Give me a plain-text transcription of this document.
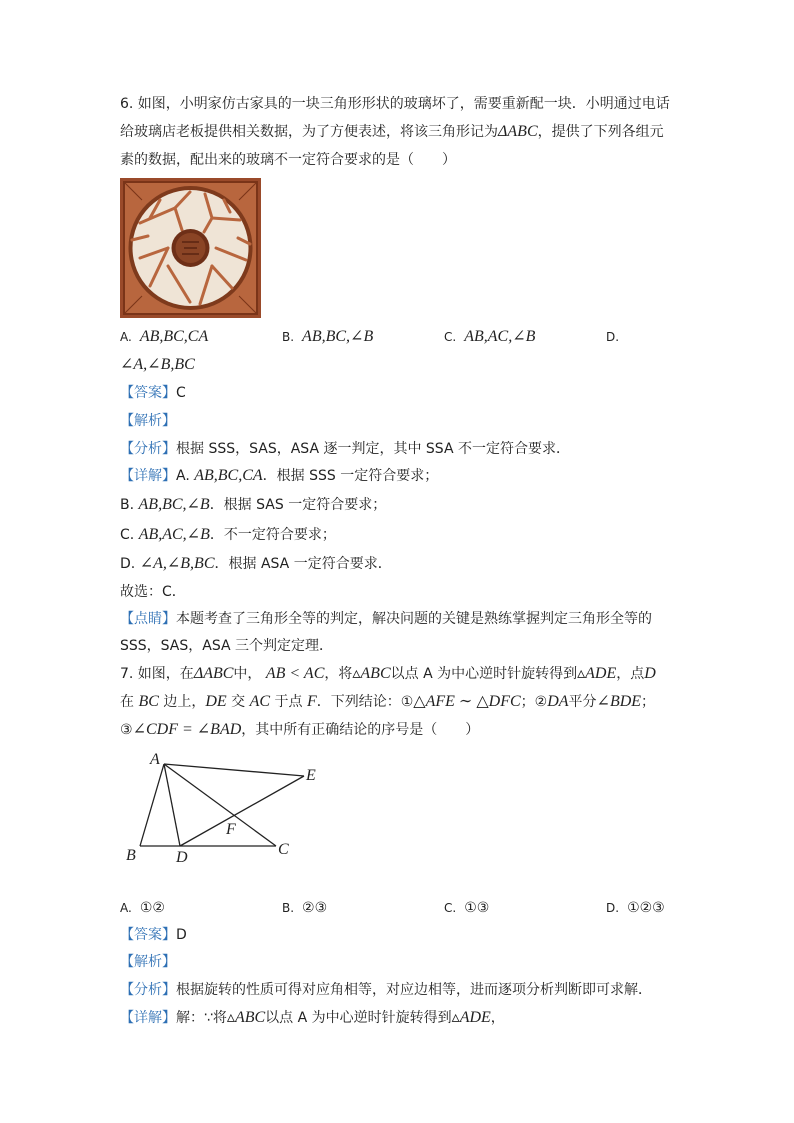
6. 如图，小明家仿古家具的一块三角形形状的玻璃坏了，需要重新配一块．小明通过电话
给玻璃店老板提供相关数据，为了方便表述，将该三角形记为ΔABC，提供了下列各组元
素的数据，配出来的玻璃不一定符合要求的是（　　）
A. AB,BC,CA	B. AB,BC,∠B	C. AB,AC,∠B	D.
∠A,∠B,BC
【答案】C
【解析】
【分析】根据 SSS，SAS，ASA 逐一判定，其中 SSA 不一定符合要求．
【详解】A. AB,BC,CA．根据 SSS 一定符合要求；
B. AB,BC,∠B．根据 SAS 一定符合要求；
C. AB,AC,∠B．不一定符合要求；
D. ∠A,∠B,BC．根据 ASA 一定符合要求．
故选：C．
【点睛】本题考查了三角形全等的判定，解决问题的关键是熟练掌握判定三角形全等的
SSS，SAS，ASA 三个判定定理．
7. 如图，在ΔABC中， AB < AC，将▵ABC以点 A 为中心逆时针旋转得到▵ADE，点D
在 BC 边上，DE 交 AC 于点 F．下列结论：①△AFE ∼ △DFC；②DA平分∠BDE；
③∠CDF = ∠BAD，其中所有正确结论的序号是（　　）
A
B	C
D
E
F
A. ①②	B. ②③	C. ①③	D. ①②③
【答案】D
【解析】
【分析】根据旋转的性质可得对应角相等，对应边相等，进而逐项分析判断即可求解．
【详解】解：∵将▵ABC以点 A 为中心逆时针旋转得到▵ADE，
